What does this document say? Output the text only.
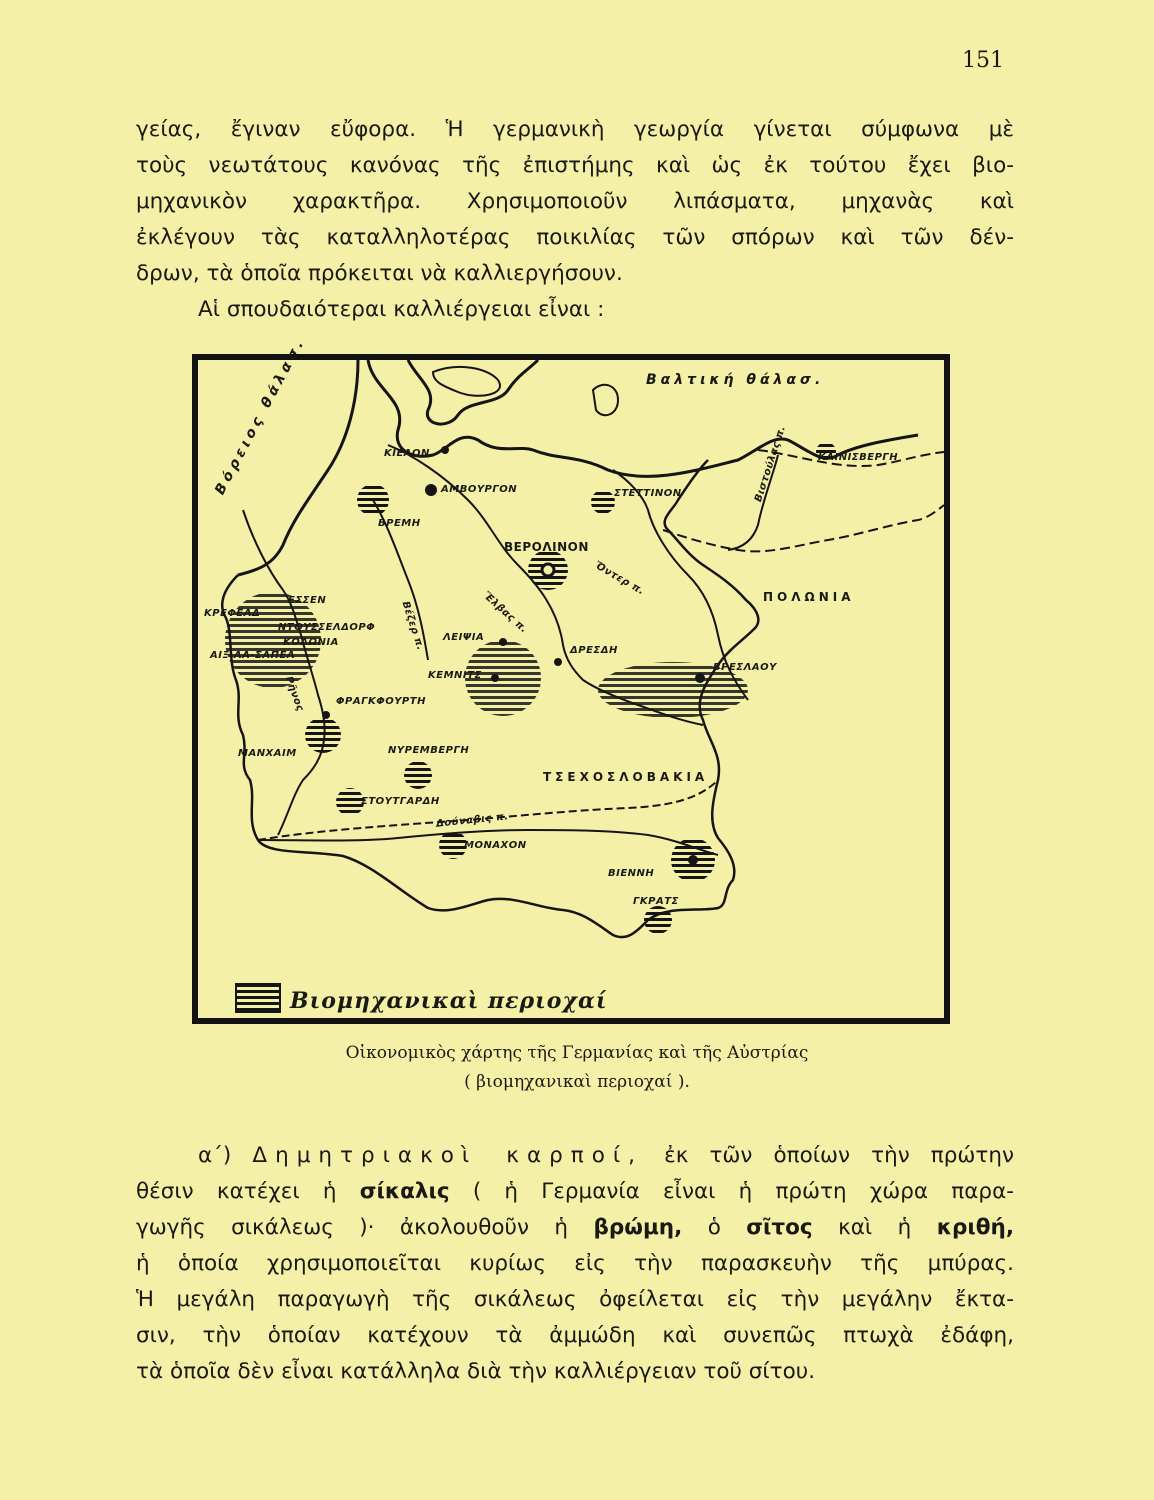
151

γείας, ἔγιναν εὔφορα. Ἡ γερμανικὴ γεωργία γίνεται σύμφωνα μὲ
τοὺς νεωτάτους κανόνας τῆς ἐπιστήμης καὶ ὡς ἐκ τούτου ἔχει βιο-
μηχανικὸν χαρακτῆρα. Χρησιμοποιοῦν λιπάσματα, μηχανὰς καὶ
ἐκλέγουν τὰς καταλληλοτέρας ποικιλίας τῶν σπόρων καὶ τῶν δέν-
δρων, τὰ ὁποῖα πρόκειται νὰ καλλιεργήσουν.

Αἱ σπουδαιότεραι καλλιέργειαι εἶναι :

Βαλτική θάλασ.
Βόρειος θάλασ.
ΠΟΛΩΝΙΑ
ΤΣΕΧΟΣΛΟΒΑΚΙΑ
Ἔλβας π.
Ὄντερ π.
Ρῆνος
Βέζερ π.
Βιστούλας π.
Δούναβις π.
ΚΙΕΛΟΝ
ΑΜΒΟΥΡΓΟΝ
ΒΡΕΜΗ
ΣΤΕΤΤΙΝΟΝ
ΚΑΙΝΙΣΒΕΡΓΗ
ΒΕΡΟΛΙΝΟΝ
ΕΣΣΕΝ
ΚΡΕΦΕΛΔ
ΝΤΟΥΣΣΕΛΔΟΡΦ
ΚΟΛΩΝΙΑ
ΑΙΞ-ΛΑ-ΣΑΠΕΛ
ΛΕΙΨΙΑ
ΔΡΕΣΔΗ
ΚΕΜΝΙΤΣ
ΒΡΕΣΛΑΟΥ
ΦΡΑΓΚΦΟΥΡΤΗ
ΜΑΝΧΑΙΜ	ΝΥΡΕΜΒΕΡΓΗ
ΣΤΟΥΤΓΑΡΔΗ
ΜΟΝΑΧΟΝ
ΒΙΕΝΝΗ
ΓΚΡΑΤΣ
Βιομηχανικαὶ περιοχαί
Οἰκονομικὸς χάρτης τῆς Γερμανίας καὶ τῆς Αὐστρίας
( βιομηχανικαὶ περιοχαί ).

α΄) Δημητριακοὶ καρποί, ἐκ τῶν ὁποίων τὴν πρώτην
θέσιν κατέχει ἡ σίκαλις ( ἡ Γερμανία εἶναι ἡ πρώτη χώρα παρα-
γωγῆς σικάλεως )· ἀκολουθοῦν ἡ βρώμη, ὁ σῖτος καὶ ἡ κριθή,
ἡ ὁποία χρησιμοποιεῖται κυρίως εἰς τὴν παρασκευὴν τῆς μπύρας.
Ἡ μεγάλη παραγωγὴ τῆς σικάλεως ὀφείλεται εἰς τὴν μεγάλην ἔκτα-
σιν, τὴν ὁποίαν κατέχουν τὰ ἀμμώδη καὶ συνεπῶς πτωχὰ ἐδάφη,
τὰ ὁποῖα δὲν εἶναι κατάλληλα διὰ τὴν καλλιέργειαν τοῦ σίτου.
